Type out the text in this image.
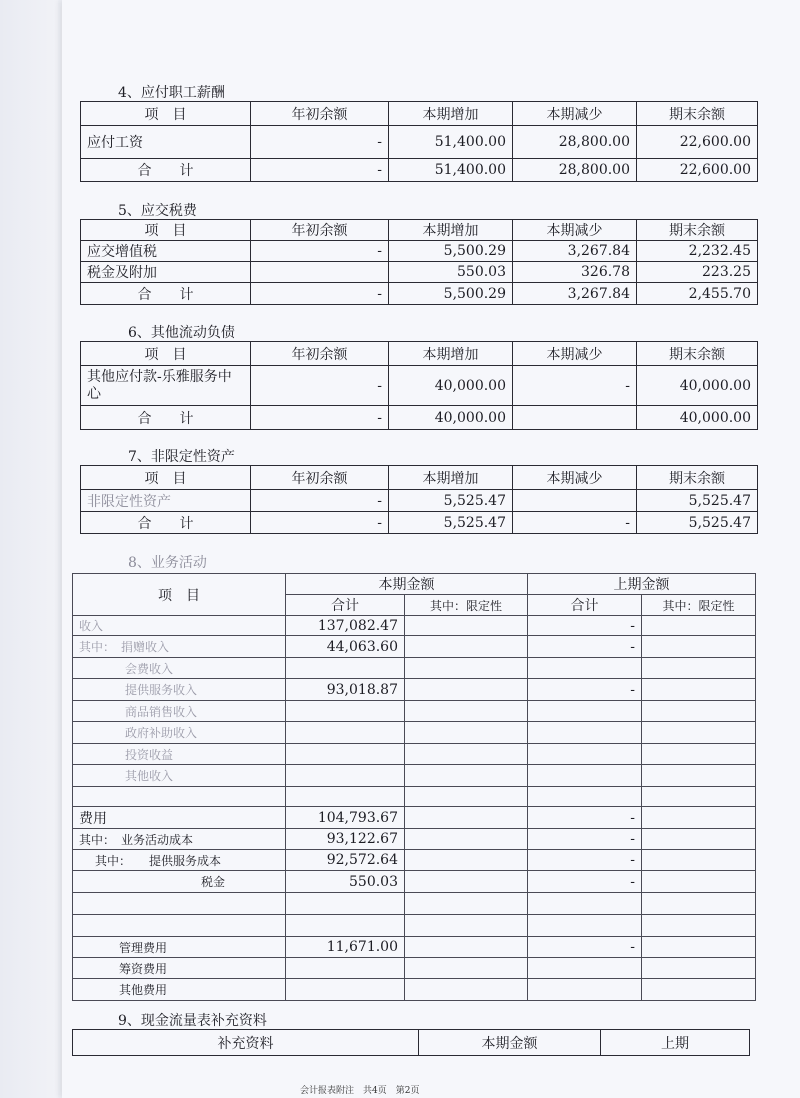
4、应付职工薪酬
项　目	年初余额	本期增加	本期减少	期末余额
应付工资	-	51,400.00	28,800.00	22,600.00
合　　计	-	51,400.00	28,800.00	22,600.00
5、应交税费
项　目	年初余额	本期增加	本期减少	期末余额
应交增值税	-	5,500.29	3,267.84	2,232.45
税金及附加		550.03	326.78	223.25
合　　计	-	5,500.29	3,267.84	2,455.70
6、其他流动负债
项　目	年初余额	本期增加	本期减少	期末余额
其他应付款-乐雅服务中心	-	40,000.00	-	40,000.00
合　　计	-	40,000.00		40,000.00
7、非限定性资产
项　目	年初余额	本期增加	本期减少	期末余额
非限定性资产	-	5,525.47		5,525.47
合　　计	-	5,525.47	-	5,525.47
8、业务活动
项　目	本期金额		上期金额	
	合计	其中：限定性	合计	其中：限定性
收入	137,082.47		-	
其中：　捐赠收入	44,063.60		-	
会费收入				
提供服务收入	93,018.87		-	
商品销售收入				
政府补助收入				
投资收益				
其他收入				

费用	104,793.67		-	
其中：　业务活动成本	93,122.67		-	
其中：　　提供服务成本	92,572.64		-	
税金	550.03		-	

管理费用	11,671.00		-	
筹资费用				
其他费用				
9、现金流量表补充资料
补充资料	本期金额	上期
会计报表附注　共4页　第2页
